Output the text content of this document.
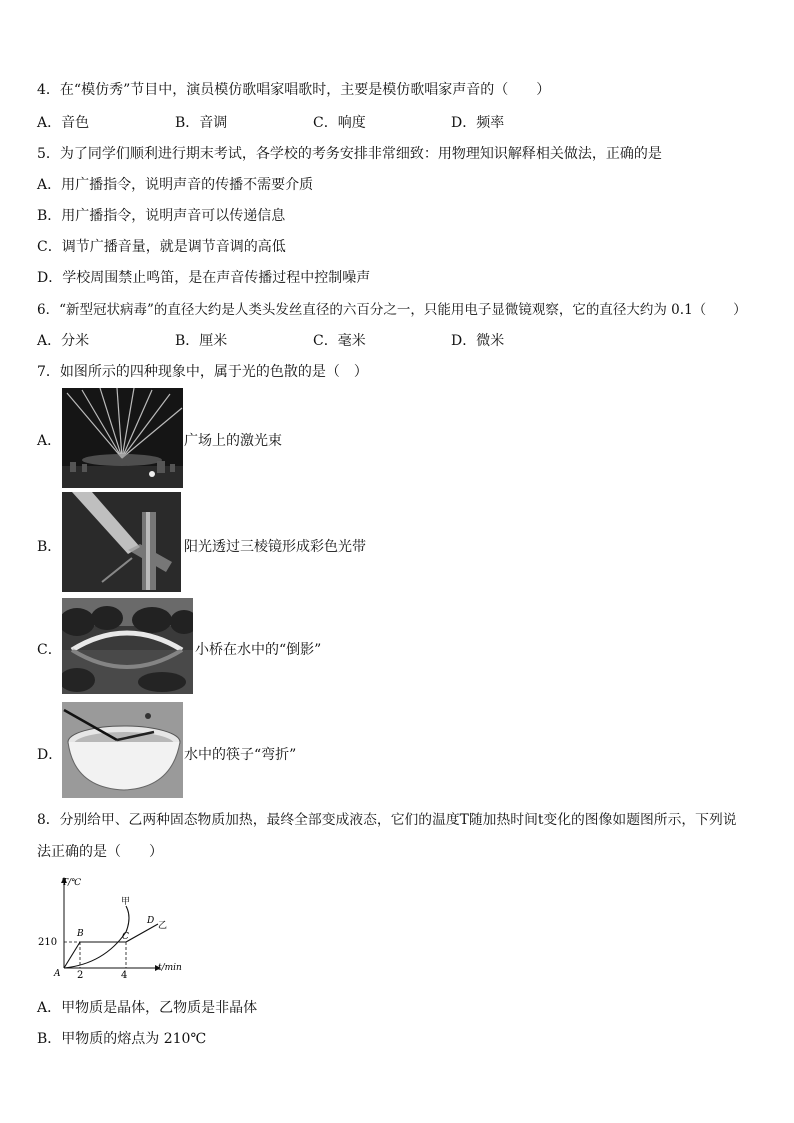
4．在“模仿秀”节目中，演员模仿歌唱家唱歌时，主要是模仿歌唱家声音的（　　）
A．音色	B．音调	C．响度	D．频率
5．为了同学们顺利进行期末考试，各学校的考务安排非常细致：用物理知识解释相关做法，正确的是
A．用广播指令，说明声音的传播不需要介质
B．用广播指令，说明声音可以传递信息
C．调节广播音量，就是调节音调的高低
D．学校周围禁止鸣笛，是在声音传播过程中控制噪声
6．“新型冠状病毒”的直径大约是人类头发丝直径的六百分之一，只能用电子显微镜观察，它的直径大约为 0.1（　　）
A．分米	B．厘米	C．毫米	D．微米
7．如图所示的四种现象中，属于光的色散的是（　）
A．	广场上的激光束
B．	阳光透过三棱镜形成彩色光带
C．	小桥在水中的“倒影”
D．	水中的筷子“弯折”
8．分别给甲、乙两种固态物质加热，最终全部变成液态，它们的温度T随加热时间t变化的图像如题图所示，下列说
法正确的是（　　）
T/℃
t/min
210
2	4
A
B	C
D
甲
乙
A．甲物质是晶体，乙物质是非晶体
B．甲物质的熔点为 210℃
